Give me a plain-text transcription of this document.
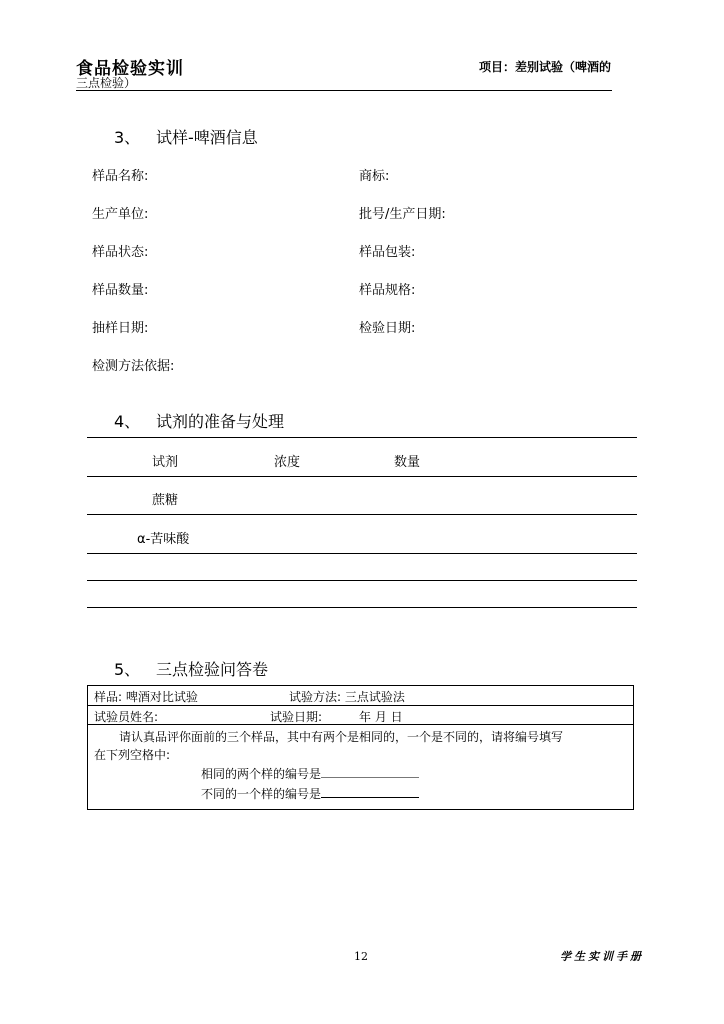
食品检验实训
三点检验）
项目：差别试验（啤酒的
3、 试样-啤酒信息
样品名称:	商标:
生产单位:	批号/生产日期:
样品状态:	样品包装:
样品数量:	样品规格:
抽样日期:	检验日期:
检测方法依据:
4、 试剂的准备与处理
试剂	浓度	数量
蔗糖
α-苦味酸
5、 三点检验问答卷
样品: 啤酒对比试验	试验方法: 三点试验法
试验员姓名:	试验日期:	年 月 日
请认真品评你面前的三个样品，其中有两个是相同的，一个是不同的，请将编号填写
在下列空格中:
相同的两个样的编号是
不同的一个样的编号是
12	学生实训手册
